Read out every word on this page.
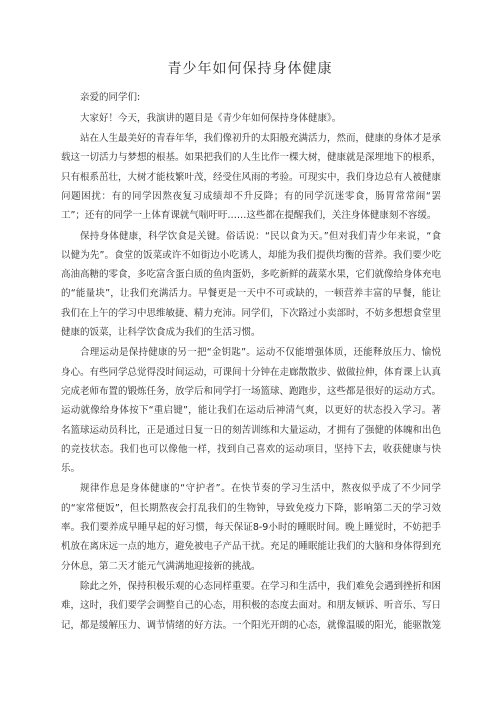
青少年如何保持身体健康

亲爱的同学们:

大家好！今天，我演讲的题目是《青少年如何保持身体健康》。

站在人生最美好的青春年华，我们像初升的太阳般充满活力，然而，健康的身体才是承载这一切活力与梦想的根基。如果把我们的人生比作一棵大树，健康就是深埋地下的根系，只有根系茁壮，大树才能枝繁叶茂，经受住风雨的考验。可现实中，我们身边总有人被健康问题困扰：有的同学因熬夜复习成绩却不升反降；有的同学沉迷零食，肠胃常常闹“罢工”；还有的同学一上体育课就气喘吁吁……这些都在提醒我们，关注身体健康刻不容缓。

保持身体健康，科学饮食是关键。俗话说：“民以食为天。”但对我们青少年来说，“食以健为先”。食堂的饭菜或许不如街边小吃诱人，却能为我们提供均衡的营养。我们要少吃高油高糖的零食，多吃富含蛋白质的鱼肉蛋奶，多吃新鲜的蔬菜水果，它们就像给身体充电的“能量块”，让我们充满活力。早餐更是一天中不可或缺的，一顿营养丰富的早餐，能让我们在上午的学习中思维敏捷、精力充沛。同学们，下次路过小卖部时，不妨多想想食堂里健康的饭菜，让科学饮食成为我们的生活习惯。

合理运动是保持健康的另一把“金钥匙”。运动不仅能增强体质，还能释放压力、愉悦身心。有些同学总觉得没时间运动，可课间十分钟在走廊散散步、做做拉伸，体育课上认真完成老师布置的锻炼任务，放学后和同学打一场篮球、跑跑步，这些都是很好的运动方式。运动就像给身体按下“重启键”，能让我们在运动后神清气爽，以更好的状态投入学习。著名篮球运动员科比，正是通过日复一日的刻苦训练和大量运动，才拥有了强健的体魄和出色的竞技状态。我们也可以像他一样，找到自己喜欢的运动项目，坚持下去，收获健康与快乐。

规律作息是身体健康的“守护者”。在快节奏的学习生活中，熬夜似乎成了不少同学的“家常便饭”，但长期熬夜会打乱我们的生物钟，导致免疫力下降，影响第二天的学习效率。我们要养成早睡早起的好习惯，每天保证8-9小时的睡眠时间。晚上睡觉时，不妨把手机放在离床远一点的地方，避免被电子产品干扰。充足的睡眠能让我们的大脑和身体得到充分休息，第二天才能元气满满地迎接新的挑战。

除此之外，保持积极乐观的心态同样重要。在学习和生活中，我们难免会遇到挫折和困难，这时，我们要学会调整自己的心态，用积极的态度去面对。和朋友倾诉、听音乐、写日记，都是缓解压力、调节情绪的好方法。一个阳光开朗的心态，就像温暖的阳光，能驱散笼
